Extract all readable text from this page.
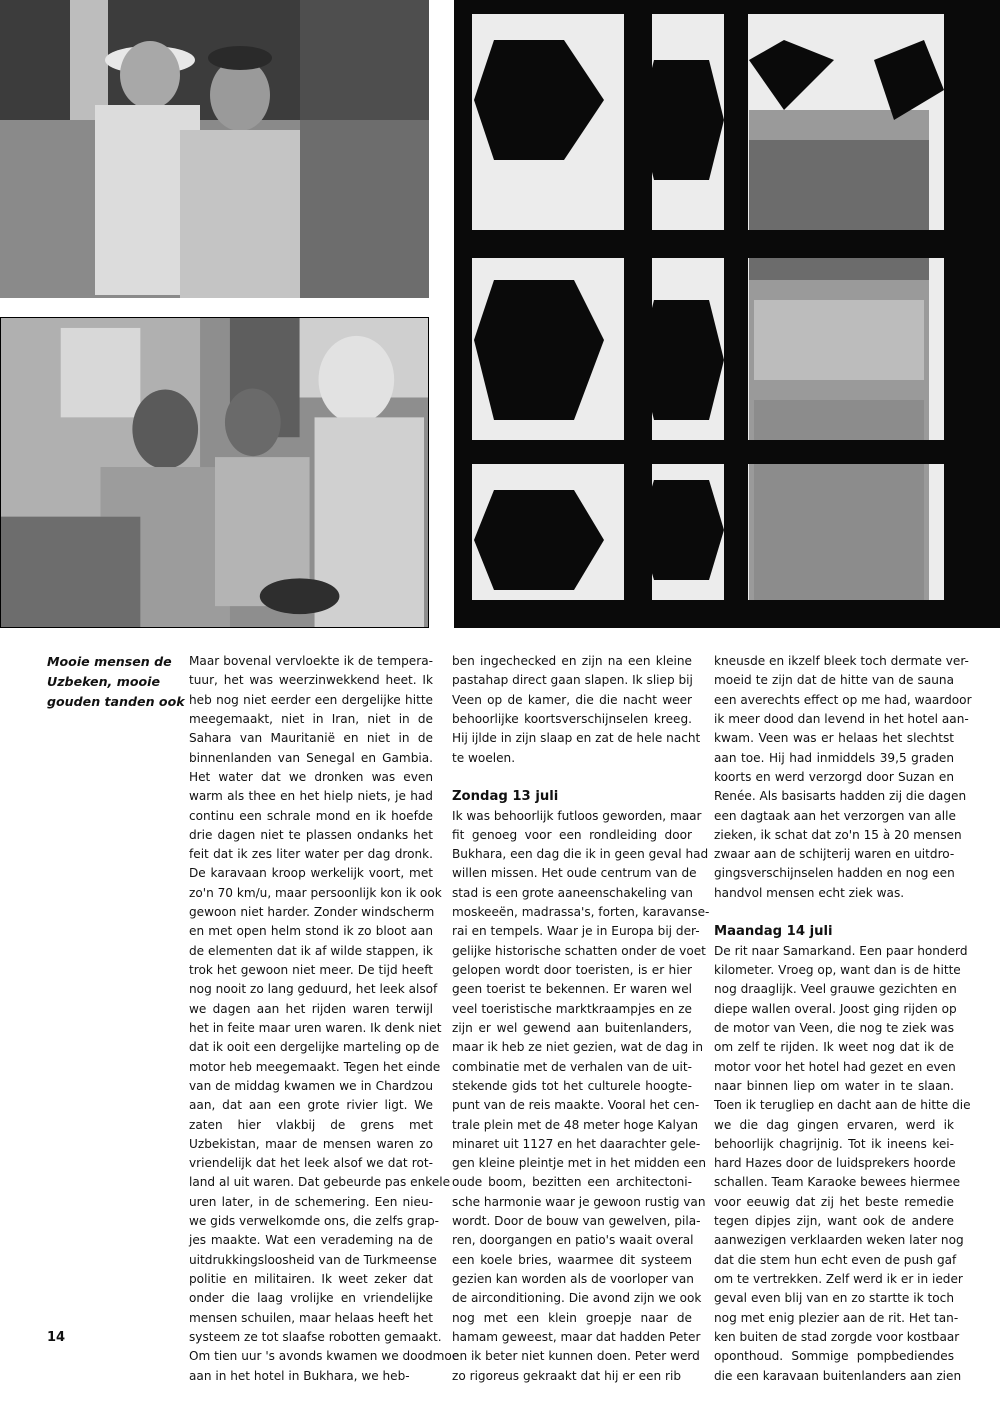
Mooie mensen de
Uzbeken, mooie
gouden tanden ook
Maar bovenal vervloekte ik de tempera-
tuur, het was weerzinwekkend heet. Ik
heb nog niet eerder een dergelijke hitte
meegemaakt, niet in Iran, niet in de
Sahara van Mauritanië en niet in de
binnenlanden van Senegal en Gambia.
Het water dat we dronken was even
warm als thee en het hielp niets, je had
continu een schrale mond en ik hoefde
drie dagen niet te plassen ondanks het
feit dat ik zes liter water per dag dronk.
De karavaan kroop werkelijk voort, met
zo'n 70 km/u, maar persoonlijk kon ik ook
gewoon niet harder. Zonder windscherm
en met open helm stond ik zo bloot aan
de elementen dat ik af wilde stappen, ik
trok het gewoon niet meer. De tijd heeft
nog nooit zo lang geduurd, het leek alsof
we dagen aan het rijden waren terwijl
het in feite maar uren waren. Ik denk niet
dat ik ooit een dergelijke marteling op de
motor heb meegemaakt. Tegen het einde
van de middag kwamen we in Chardzou
aan, dat aan een grote rivier ligt. We
zaten hier vlakbij de grens met
Uzbekistan, maar de mensen waren zo
vriendelijk dat het leek alsof we dat rot-
land al uit waren. Dat gebeurde pas enkele
uren later, in de schemering. Een nieu-
we gids verwelkomde ons, die zelfs grap-
jes maakte. Wat een verademing na de
uitdrukkingsloosheid van de Turkmeense
politie en militairen. Ik weet zeker dat
onder die laag vrolijke en vriendelijke
mensen schuilen, maar helaas heeft het
systeem ze tot slaafse robotten gemaakt.
Om tien uur 's avonds kwamen we doodmoe
aan in het hotel in Bukhara, we heb-
ben ingechecked en zijn na een kleine
pastahap direct gaan slapen. Ik sliep bij
Veen op de kamer, die die nacht weer
behoorlijke koortsverschijnselen kreeg.
Hij ijlde in zijn slaap en zat de hele nacht
te woelen.
Zondag 13 juli
Ik was behoorlijk futloos geworden, maar
fit genoeg voor een rondleiding door
Bukhara, een dag die ik in geen geval had
willen missen. Het oude centrum van de
stad is een grote aaneenschakeling van
moskeeën, madrassa's, forten, karavanse-
rai en tempels. Waar je in Europa bij der-
gelijke historische schatten onder de voet
gelopen wordt door toeristen, is er hier
geen toerist te bekennen. Er waren wel
veel toeristische marktkraampjes en ze
zijn er wel gewend aan buitenlanders,
maar ik heb ze niet gezien, wat de dag in
combinatie met de verhalen van de uit-
stekende gids tot het culturele hoogte-
punt van de reis maakte. Vooral het cen-
trale plein met de 48 meter hoge Kalyan
minaret uit 1127 en het daarachter gele-
gen kleine pleintje met in het midden een
oude boom, bezitten een architectoni-
sche harmonie waar je gewoon rustig van
wordt. Door de bouw van gewelven, pila-
ren, doorgangen en patio's waait overal
een koele bries, waarmee dit systeem
gezien kan worden als de voorloper van
de airconditioning. Die avond zijn we ook
nog met een klein groepje naar de
hamam geweest, maar dat hadden Peter
en ik beter niet kunnen doen. Peter werd
zo rigoreus gekraakt dat hij er een rib
kneusde en ikzelf bleek toch dermate ver-
moeid te zijn dat de hitte van de sauna
een averechts effect op me had, waardoor
ik meer dood dan levend in het hotel aan-
kwam. Veen was er helaas het slechtst
aan toe. Hij had inmiddels 39,5 graden
koorts en werd verzorgd door Suzan en
Renée. Als basisarts hadden zij die dagen
een dagtaak aan het verzorgen van alle
zieken, ik schat dat zo'n 15 à 20 mensen
zwaar aan de schijterij waren en uitdro-
gingsverschijnselen hadden en nog een
handvol mensen echt ziek was.
Maandag 14 juli
De rit naar Samarkand. Een paar honderd
kilometer. Vroeg op, want dan is de hitte
nog draaglijk. Veel grauwe gezichten en
diepe wallen overal. Joost ging rijden op
de motor van Veen, die nog te ziek was
om zelf te rijden. Ik weet nog dat ik de
motor voor het hotel had gezet en even
naar binnen liep om water in te slaan.
Toen ik terugliep en dacht aan de hitte die
we die dag gingen ervaren, werd ik
behoorlijk chagrijnig. Tot ik ineens kei-
hard Hazes door de luidsprekers hoorde
schallen. Team Karaoke bewees hiermee
voor eeuwig dat zij het beste remedie
tegen dipjes zijn, want ook de andere
aanwezigen verklaarden weken later nog
dat die stem hun echt even de push gaf
om te vertrekken. Zelf werd ik er in ieder
geval even blij van en zo startte ik toch
nog met enig plezier aan de rit. Het tan-
ken buiten de stad zorgde voor kostbaar
oponthoud. Sommige pompbediendes
die een karavaan buitenlanders aan zien
14
